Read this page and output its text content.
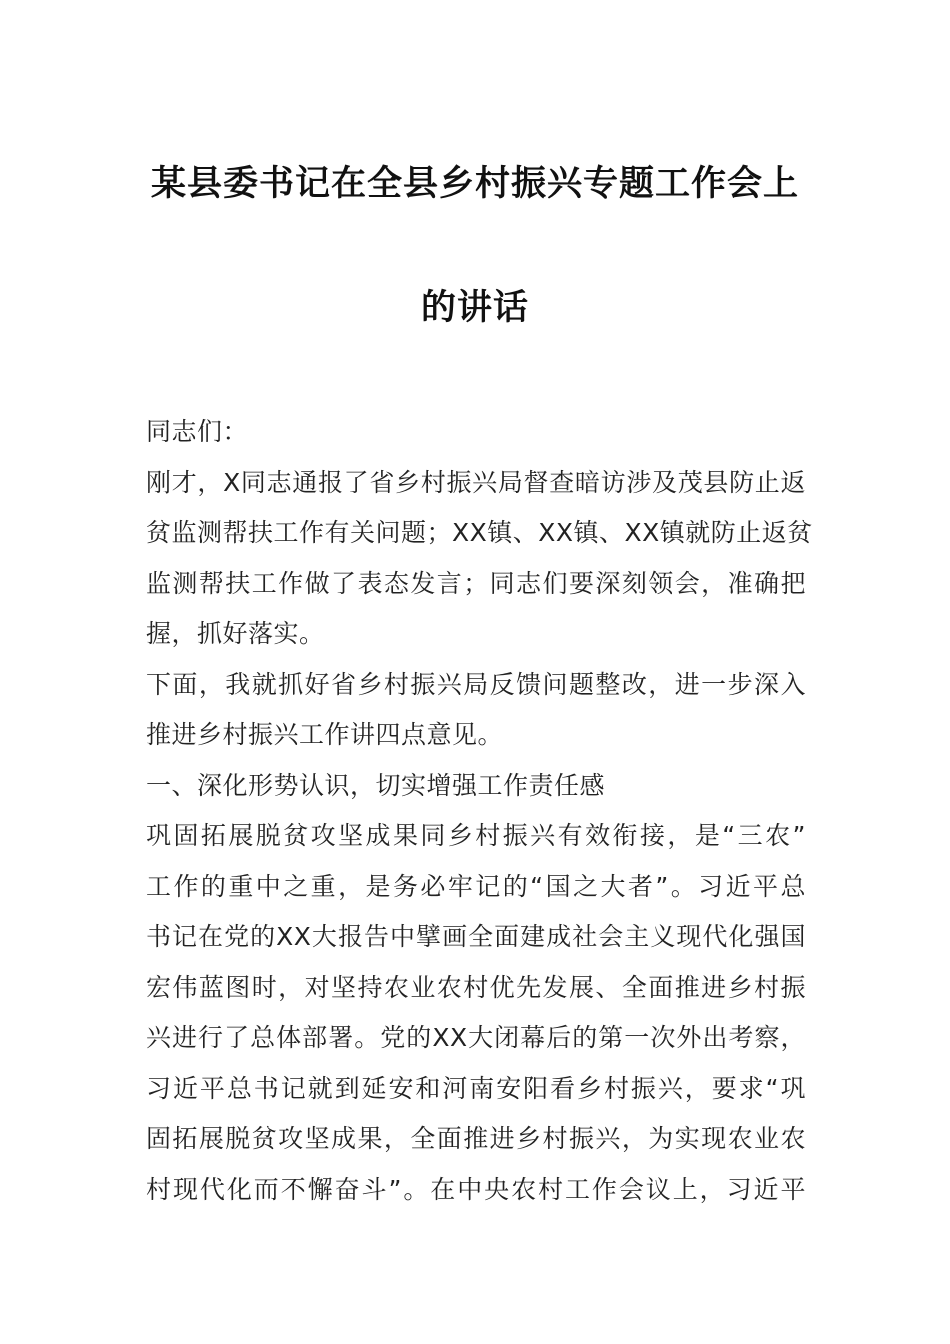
某县委书记在全县乡村振兴专题工作会上
的讲话
同志们：
刚才，X同志通报了省乡村振兴局督查暗访涉及茂县防止返
贫监测帮扶工作有关问题；XX镇、XX镇、XX镇就防止返贫
监测帮扶工作做了表态发言；同志们要深刻领会，准确把
握，抓好落实。
下面，我就抓好省乡村振兴局反馈问题整改，进一步深入
推进乡村振兴工作讲四点意见。
一、深化形势认识，切实增强工作责任感
巩固拓展脱贫攻坚成果同乡村振兴有效衔接，是“三农”
工作的重中之重，是务必牢记的“国之大者”。习近平总
书记在党的XX大报告中擘画全面建成社会主义现代化强国
宏伟蓝图时，对坚持农业农村优先发展、全面推进乡村振
兴进行了总体部署。党的XX大闭幕后的第一次外出考察，
习近平总书记就到延安和河南安阳看乡村振兴，要求“巩
固拓展脱贫攻坚成果，全面推进乡村振兴，为实现农业农
村现代化而不懈奋斗”。在中央农村工作会议上，习近平
